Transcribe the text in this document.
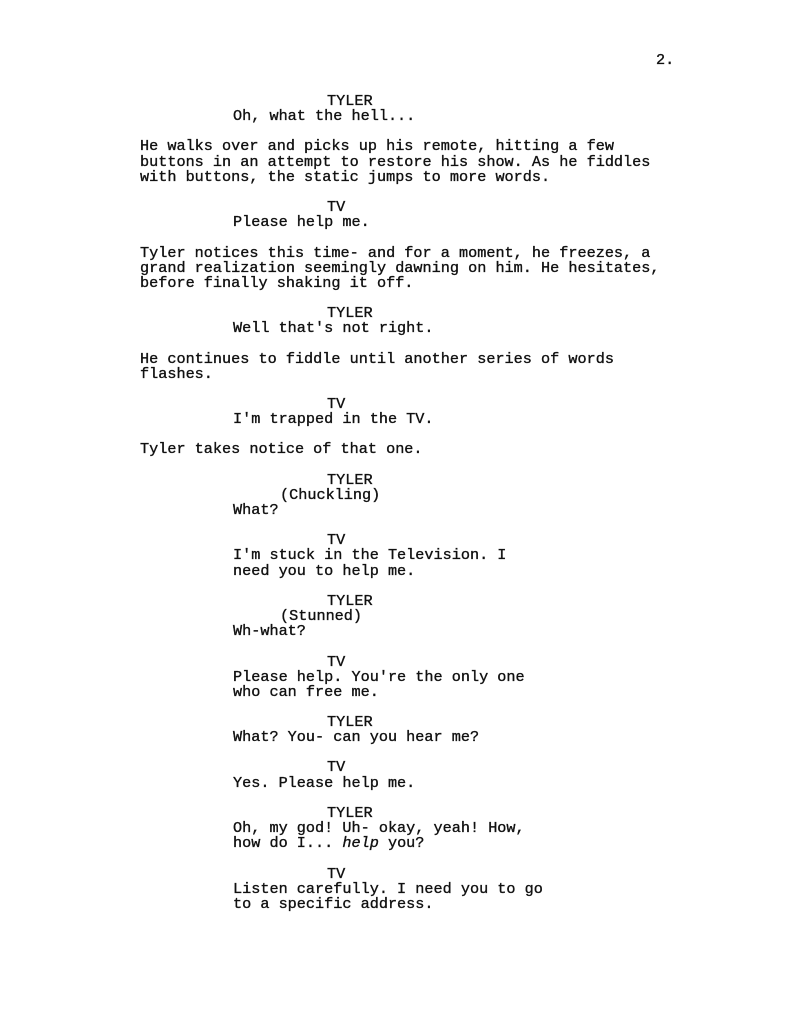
2.
TYLER
Oh, what the hell...
He walks over and picks up his remote, hitting a few
buttons in an attempt to restore his show. As he fiddles
with buttons, the static jumps to more words.
TV
Please help me.
Tyler notices this time- and for a moment, he freezes, a
grand realization seemingly dawning on him. He hesitates,
before finally shaking it off.
TYLER
Well that's not right.
He continues to fiddle until another series of words
flashes.
TV
I'm trapped in the TV.
Tyler takes notice of that one.
TYLER
(Chuckling)
What?
TV
I'm stuck in the Television. I
need you to help me.
TYLER
(Stunned)
Wh-what?
TV
Please help. You're the only one
who can free me.
TYLER
What? You- can you hear me?
TV
Yes. Please help me.
TYLER
Oh, my god! Uh- okay, yeah! How,
how do I... help you?
TV
Listen carefully. I need you to go
to a specific address.
